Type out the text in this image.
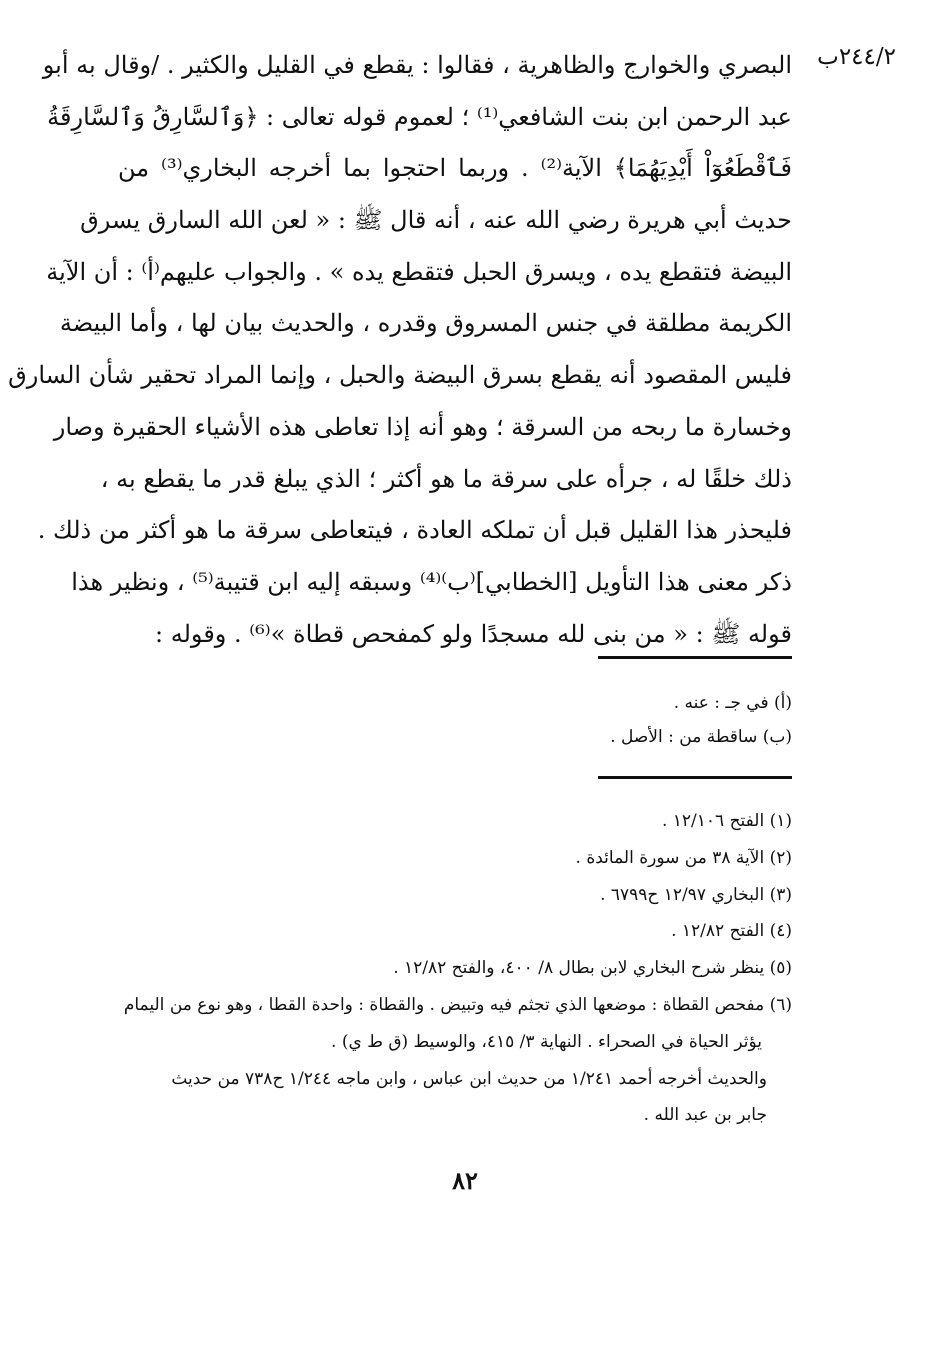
٢٤٤/٢ب
البصري والخوارج والظاهرية ، فقالوا : يقطع في القليل والكثير . /وقال به أبو
عبد الرحمن ابن بنت الشافعي⁽¹⁾ ؛ لعموم قوله تعالى : ﴿وَٱلسَّارِقُ وَٱلسَّارِقَةُ
فَٱقْطَعُوٓاْ أَيْدِيَهُمَا﴾ الآية⁽²⁾ . وربما احتجوا بما أخرجه البخاري⁽³⁾ من
حديث أبي هريرة رضي الله عنه ، أنه قال ﷺ : « لعن الله السارق يسرق
البيضة فتقطع يده ، ويسرق الحبل فتقطع يده » . والجواب عليهم⁽أ⁾ : أن الآية
الكريمة مطلقة في جنس المسروق وقدره ، والحديث بيان لها ، وأما البيضة
فليس المقصود أنه يقطع بسرق البيضة والحبل ، وإنما المراد تحقير شأن السارق
وخسارة ما ربحه من السرقة ؛ وهو أنه إذا تعاطى هذه الأشياء الحقيرة وصار
ذلك خلقًا له ، جرأه على سرقة ما هو أكثر ؛ الذي يبلغ قدر ما يقطع به ،
فليحذر هذا القليل قبل أن تملكه العادة ، فيتعاطى سرقة ما هو أكثر من ذلك .
ذكر معنى هذا التأويل [الخطابي]⁽ب⁾⁽⁴⁾ وسبقه إليه ابن قتيبة⁽⁵⁾ ، ونظير هذا
قوله ﷺ : « من بنى لله مسجدًا ولو كمفحص قطاة »⁽⁶⁾ . وقوله :
(أ) في جـ : عنه .
(ب) ساقطة من : الأصل .
(١) الفتح ١٢/١٠٦ .
(٢) الآية ٣٨ من سورة المائدة .
(٣) البخاري ١٢/٩٧ ح٦٧٩٩ .
(٤) الفتح ١٢/٨٢ .
(٥) ينظر شرح البخاري لابن بطال ٨/ ٤٠٠، والفتح ١٢/٨٢ .
(٦) مفحص القطاة : موضعها الذي تجثم فيه وتبيض . والقطاة : واحدة القطا ، وهو نوع من اليمام
يؤثر الحياة في الصحراء . النهاية ٣/ ٤١٥، والوسيط (ق ط ي) .
والحديث أخرجه أحمد ١/٢٤١ من حديث ابن عباس ، وابن ماجه ١/٢٤٤ ح٧٣٨ من حديث
جابر بن عبد الله .
٨٢
